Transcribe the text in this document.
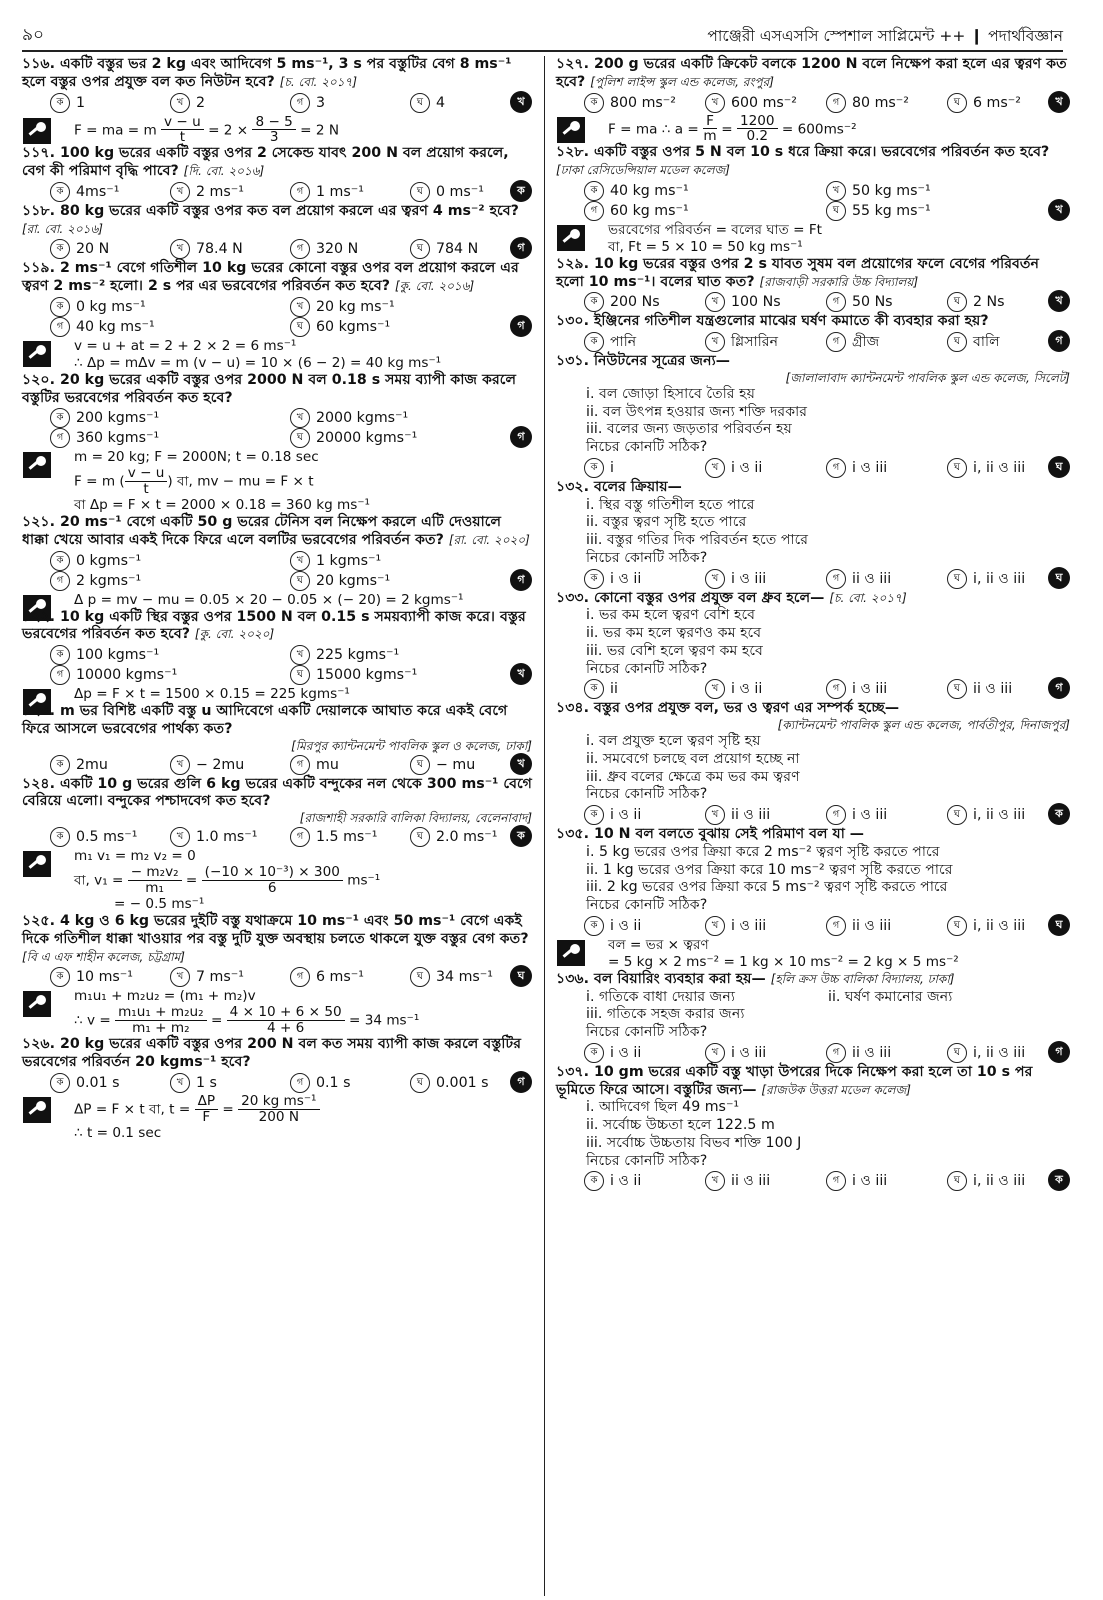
৯০	পাঞ্জেরী এসএসসি স্পেশাল সাপ্লিমেন্ট ++ ❙ পদার্থবিজ্ঞান
১১৬. একটি বস্তুর ভর 2 kg এবং আদিবেগ 5 ms⁻¹, 3 s পর বস্তুটির বেগ 8 ms⁻¹ হলে বস্তুর ওপর প্রযুক্ত বল কত নিউটন হবে? [চ. বো. ২০১৭]
ক 1	খ 2	গ 3	ঘ 4	খ
F = ma = m $\frac{v - u}{t} = 2 \times \frac{8 - 5}{3} = 2$ N
১১৭. 100 kg ভরের একটি বস্তুর ওপর 2 সেকেন্ড যাবৎ 200 N বল প্রয়োগ করলে, বেগ কী পরিমাণ বৃদ্ধি পাবে? [দি. বো. ২০১৬]
ক 4ms⁻¹	খ 2 ms⁻¹	গ 1 ms⁻¹	ঘ 0 ms⁻¹	ক
১১৮. 80 kg ভরের একটি বস্তুর ওপর কত বল প্রয়োগ করলে এর ত্বরণ 4 ms⁻² হবে? [রা. বো. ২০১৬]
ক 20 N	খ 78.4 N	গ 320 N	ঘ 784 N	গ
১১৯. 2 ms⁻¹ বেগে গতিশীল 10 kg ভরের কোনো বস্তুর ওপর বল প্রয়োগ করলে এর ত্বরণ 2 ms⁻² হলো। 2 s পর এর ভরবেগের পরিবর্তন কত হবে? [কু. বো. ২০১৬]
ক 0 kg ms⁻¹	খ 20 kg ms⁻¹
গ 40 kg ms⁻¹	ঘ 60 kgms⁻¹	গ
v = u + at = 2 + 2 × 2 = 6 ms⁻¹
∴ Δp = mΔv = m (v − u) = 10 × (6 − 2) = 40 kg ms⁻¹
১২০. 20 kg ভরের একটি বস্তুর ওপর 2000 N বল 0.18 s সময় ব্যাপী কাজ করলে বস্তুটির ভরবেগের পরিবর্তন কত হবে?
ক 200 kgms⁻¹	খ 2000 kgms⁻¹
গ 360 kgms⁻¹	ঘ 20000 kgms⁻¹	গ
m = 20 kg; F = 2000N; t = 0.18 sec
F = m ( $\frac{v - u}{t}$ ) বা, mv − mu = F × t
বা Δp = F × t = 2000 × 0.18 = 360 kg ms⁻¹
১২১. 20 ms⁻¹ বেগে একটি 50 g ভরের টেনিস বল নিক্ষেপ করলে এটি দেওয়ালে ধাক্কা খেয়ে আবার একই দিকে ফিরে এলে বলটির ভরবেগের পরিবর্তন কত? [রা. বো. ২০২০]
ক 0 kgms⁻¹	খ 1 kgms⁻¹
গ 2 kgms⁻¹	ঘ 20 kgms⁻¹	গ
Δ p = mv − mu = 0.05 × 20 − 0.05 × (− 20) = 2 kgms⁻¹
১২২. 10 kg একটি স্থির বস্তুর ওপর 1500 N বল 0.15 s সময়ব্যাপী কাজ করে। বস্তুর ভরবেগের পরিবর্তন কত হবে? [কু. বো. ২০২০]
ক 100 kgms⁻¹	খ 225 kgms⁻¹
গ 10000 kgms⁻¹	ঘ 15000 kgms⁻¹	খ
Δp = F × t = 1500 × 0.15 = 225 kgms⁻¹
১২৩. m ভর বিশিষ্ট একটি বস্তু u আদিবেগে একটি দেয়ালকে আঘাত করে একই বেগে ফিরে আসলে ভরবেগের পার্থক্য কত?
[মিরপুর ক্যান্টনমেন্ট পাবলিক স্কুল ও কলেজ, ঢাকা]
ক 2mu	খ − 2mu	গ mu	ঘ − mu	খ
১২৪. একটি 10 g ভরের গুলি 6 kg ভরের একটি বন্দুকের নল থেকে 300 ms⁻¹ বেগে বেরিয়ে এলো। বন্দুকের পশ্চাদবেগ কত হবে?
[রাজশাহী সরকারি বালিকা বিদ্যালয়, বেলেনাবাদ]
ক 0.5 ms⁻¹	খ 1.0 ms⁻¹	গ 1.5 ms⁻¹	ঘ 2.0 ms⁻¹	ক
m₁ v₁ = m₂ v₂ = 0
বা, $v_1 = \frac{\text{− m₂v₂}}{\text{m₁}} = \frac{\text{(−10 × 10⁻³) × 300}}{6} ms^{-1}$
= − 0.5 ms⁻¹
১২৫. 4 kg ও 6 kg ভরের দুইটি বস্তু যথাক্রমে 10 ms⁻¹ এবং 50 ms⁻¹ বেগে একই দিকে গতিশীল ধাক্কা খাওয়ার পর বস্তু দুটি যুক্ত অবস্থায় চলতে থাকলে যুক্ত বস্তুর বেগ কত? [বি এ এফ শাহীন কলেজ, চট্টগ্রাম]
ক 10 ms⁻¹	খ 7 ms⁻¹	গ 6 ms⁻¹	ঘ 34 ms⁻¹	ঘ
m₁u₁ + m₂u₂ = (m₁ + m₂)v
∴ $v = \frac{\text{m₁u₁ + m₂u₂}}{\text{m₁ + m₂}} = \frac{4 \times 10 + 6 \times 50}{4 + 6} = 34$ ms⁻¹
১২৬. 20 kg ভরের একটি বস্তুর ওপর 200 N বল কত সময় ব্যাপী কাজ করলে বস্তুটির ভরবেগের পরিবর্তন 20 kgms⁻¹ হবে?
ক 0.01 s	খ 1 s	গ 0.1 s	ঘ 0.001 s	গ
ΔP = F × t বা, $t = \frac{\Delta P}{F} = \frac{\text{20 kg ms⁻¹}}{200 N}$
∴ t = 0.1 sec
১২৭. 200 g ভরের একটি ক্রিকেট বলকে 1200 N বলে নিক্ষেপ করা হলে এর ত্বরণ কত হবে? [পুলিশ লাইন্স স্কুল এন্ড কলেজ, রংপুর]
ক 800 ms⁻²	খ 600 ms⁻²	গ 80 ms⁻²	ঘ 6 ms⁻²	খ
F = ma ∴ $a = \frac{F}{m} = \frac{1200}{0.2} = 600ms^{-2}$
১২৮. একটি বস্তুর ওপর 5 N বল 10 s ধরে ক্রিয়া করে। ভরবেগের পরিবর্তন কত হবে? [ঢাকা রেসিডেন্সিয়াল মডেল কলেজ]
ক 40 kg ms⁻¹	খ 50 kg ms⁻¹
গ 60 kg ms⁻¹	ঘ 55 kg ms⁻¹	খ
ভরবেগের পরিবর্তন = বলের ঘাত = Ft
বা, Ft = 5 × 10 = 50 kg ms⁻¹
১২৯. 10 kg ভরের বস্তুর ওপর 2 s যাবত সুষম বল প্রয়োগের ফলে বেগের পরিবর্তন হলো 10 ms⁻¹। বলের ঘাত কত? [রাজবাড়ী সরকারি উচ্চ বিদ্যালয়]
ক 200 Ns	খ 100 Ns	গ 50 Ns	ঘ 2 Ns	খ
১৩০. ইঞ্জিনের গতিশীল যন্ত্রগুলোর মাঝের ঘর্ষণ কমাতে কী ব্যবহার করা হয়?
ক পানি	খ গ্লিসারিন	গ গ্রীজ	ঘ বালি	গ
১৩১. নিউটনের সূত্রের জন্য—
[জালালাবাদ ক্যান্টনমেন্ট পাবলিক স্কুল এন্ড কলেজ, সিলেট]
i. বল জোড়া হিসাবে তৈরি হয়
ii. বল উৎপন্ন হওয়ার জন্য শক্তি দরকার
iii. বলের জন্য জড়তার পরিবর্তন হয়
নিচের কোনটি সঠিক?
ক i	খ i ও ii	গ i ও iii	ঘ i, ii ও iii	ঘ
১৩২. বলের ক্রিয়ায়—
i. স্থির বস্তু গতিশীল হতে পারে
ii. বস্তুর ত্বরণ সৃষ্টি হতে পারে
iii. বস্তুর গতির দিক পরিবর্তন হতে পারে
নিচের কোনটি সঠিক?
ক i ও ii	খ i ও iii	গ ii ও iii	ঘ i, ii ও iii	ঘ
১৩৩. কোনো বস্তুর ওপর প্রযুক্ত বল ধ্রুব হলে— [চ. বো. ২০১৭]
i. ভর কম হলে ত্বরণ বেশি হবে
ii. ভর কম হলে ত্বরণও কম হবে
iii. ভর বেশি হলে ত্বরণ কম হবে
নিচের কোনটি সঠিক?
ক ii	খ i ও ii	গ i ও iii	ঘ ii ও iii	গ
১৩৪. বস্তুর ওপর প্রযুক্ত বল, ভর ও ত্বরণ এর সম্পর্ক হচ্ছে—
[ক্যান্টনমেন্ট পাবলিক স্কুল এন্ড কলেজ, পার্বতীপুর, দিনাজপুর]
i. বল প্রযুক্ত হলে ত্বরণ সৃষ্টি হয়
ii. সমবেগে চলছে বল প্রয়োগ হচ্ছে না
iii. ধ্রুব বলের ক্ষেত্রে কম ভর কম ত্বরণ
নিচের কোনটি সঠিক?
ক i ও ii	খ ii ও iii	গ i ও iii	ঘ i, ii ও iii	ক
১৩৫. 10 N বল বলতে বুঝায় সেই পরিমাণ বল যা —
i. 5 kg ভরের ওপর ক্রিয়া করে 2 ms⁻² ত্বরণ সৃষ্টি করতে পারে
ii. 1 kg ভরের ওপর ক্রিয়া করে 10 ms⁻² ত্বরণ সৃষ্টি করতে পারে
iii. 2 kg ভরের ওপর ক্রিয়া করে 5 ms⁻² ত্বরণ সৃষ্টি করতে পারে
নিচের কোনটি সঠিক?
ক i ও ii	খ i ও iii	গ ii ও iii	ঘ i, ii ও iii	ঘ
বল = ভর × ত্বরণ
= 5 kg × 2 ms⁻² = 1 kg × 10 ms⁻² = 2 kg × 5 ms⁻²
১৩৬. বল বিয়ারিং ব্যবহার করা হয়— [হলি ক্রস উচ্চ বালিকা বিদ্যালয়, ঢাকা]
i. গতিকে বাধা দেয়ার জন্য	ii. ঘর্ষণ কমানোর জন্য
iii. গতিকে সহজ করার জন্য
নিচের কোনটি সঠিক?
ক i ও ii	খ i ও iii	গ ii ও iii	ঘ i, ii ও iii	গ
১৩৭. 10 gm ভরের একটি বস্তু খাড়া উপরের দিকে নিক্ষেপ করা হলে তা 10 s পর ভূমিতে ফিরে আসে। বস্তুটির জন্য— [রাজউক উত্তরা মডেল কলেজ]
i. আদিবেগ ছিল 49 ms⁻¹
ii. সর্বোচ্চ উচ্চতা হলে 122.5 m
iii. সর্বোচ্চ উচ্চতায় বিভব শক্তি 100 J
নিচের কোনটি সঠিক?
ক i ও ii	খ ii ও iii	গ i ও iii	ঘ i, ii ও iii	ক
